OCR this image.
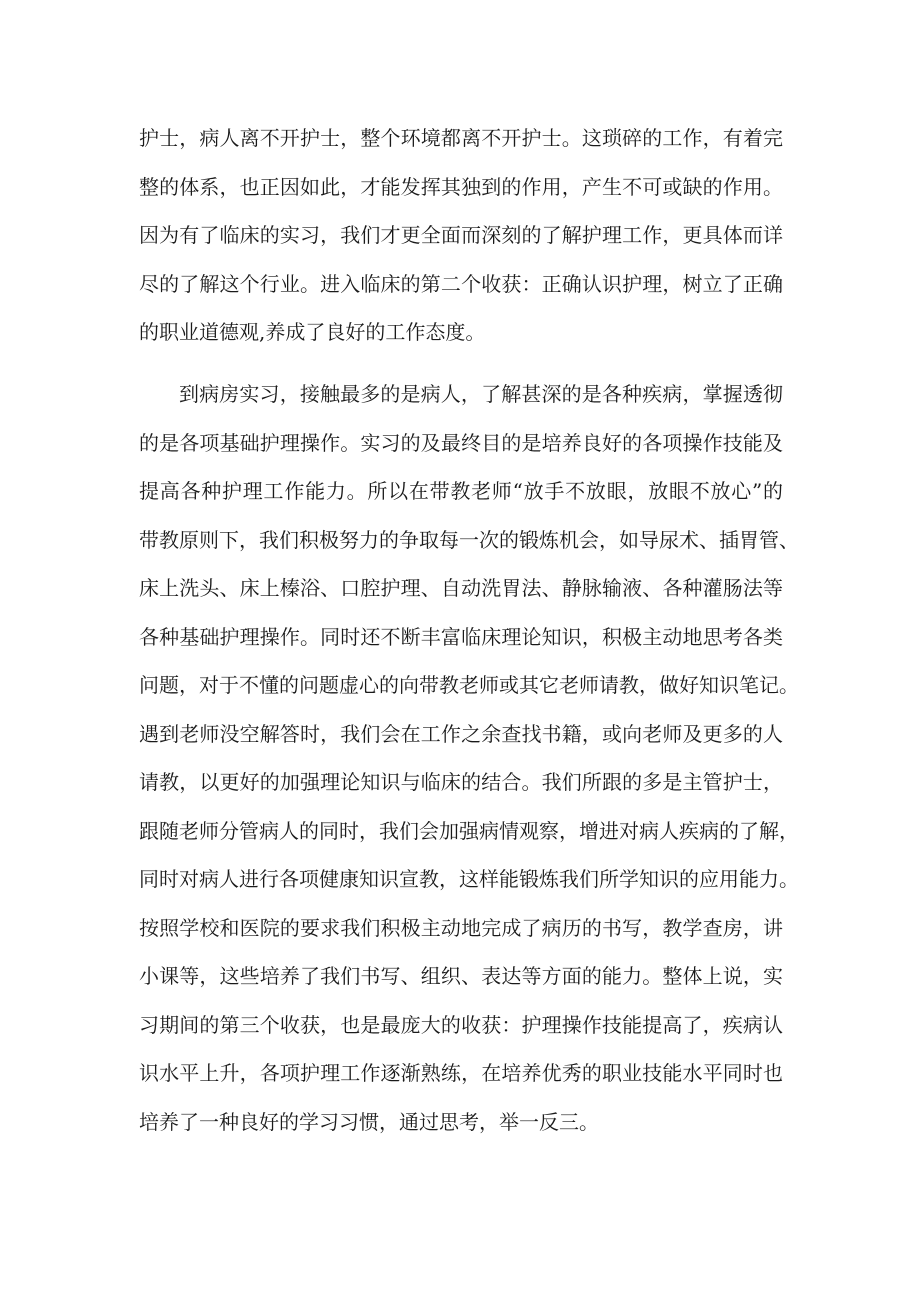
护士，病人离不开护士，整个环境都离不开护士。这琐碎的工作，有着完
整的体系，也正因如此，才能发挥其独到的作用，产生不可或缺的作用。
因为有了临床的实习，我们才更全面而深刻的了解护理工作，更具体而详
尽的了解这个行业。进入临床的第二个收获：正确认识护理，树立了正确
的职业道德观,养成了良好的工作态度。
到病房实习，接触最多的是病人，了解甚深的是各种疾病，掌握透彻
的是各项基础护理操作。实习的及最终目的是培养良好的各项操作技能及
提高各种护理工作能力。所以在带教老师“放手不放眼，放眼不放心”的
带教原则下，我们积极努力的争取每一次的锻炼机会，如导尿术、插胃管、
床上洗头、床上榛浴、口腔护理、自动洗胃法、静脉输液、各种灌肠法等
各种基础护理操作。同时还不断丰富临床理论知识，积极主动地思考各类
问题，对于不懂的问题虚心的向带教老师或其它老师请教，做好知识笔记。
遇到老师没空解答时，我们会在工作之余查找书籍，或向老师及更多的人
请教，以更好的加强理论知识与临床的结合。我们所跟的多是主管护士，
跟随老师分管病人的同时，我们会加强病情观察，增进对病人疾病的了解，
同时对病人进行各项健康知识宣教，这样能锻炼我们所学知识的应用能力。
按照学校和医院的要求我们积极主动地完成了病历的书写，教学查房，讲
小课等，这些培养了我们书写、组织、表达等方面的能力。整体上说，实
习期间的第三个收获，也是最庞大的收获：护理操作技能提高了，疾病认
识水平上升，各项护理工作逐渐熟练，在培养优秀的职业技能水平同时也
培养了一种良好的学习习惯，通过思考，举一反三。
